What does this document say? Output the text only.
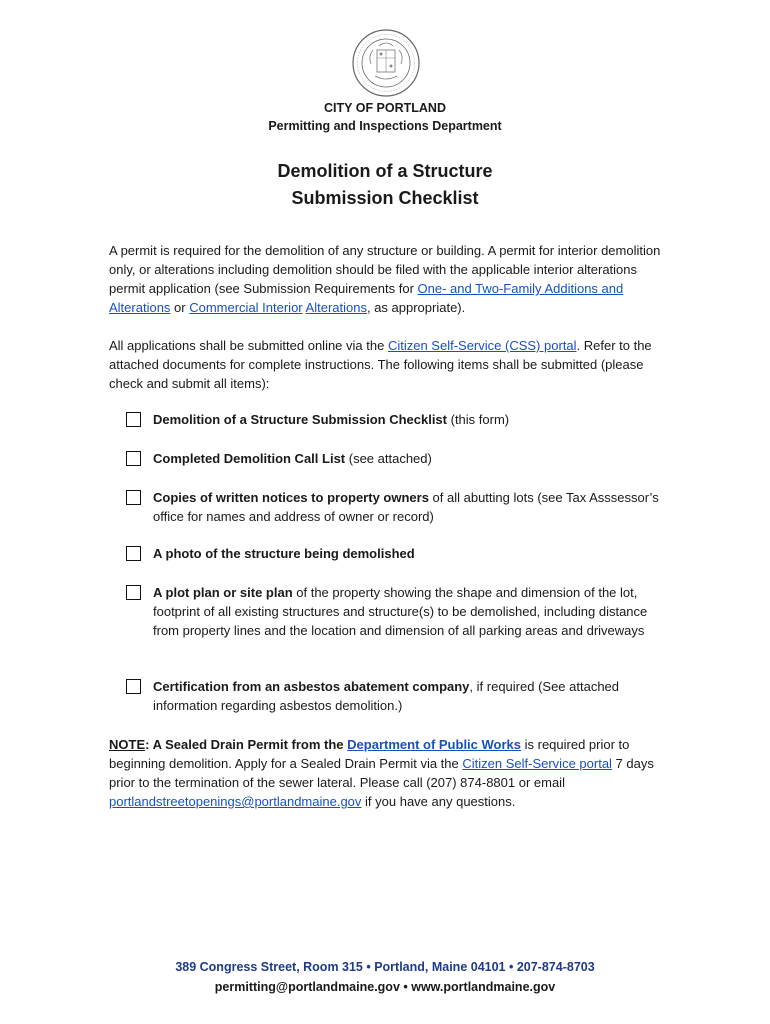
CITY OF PORTLAND
Permitting and Inspections Department
Demolition of a Structure
Submission Checklist
A permit is required for the demolition of any structure or building. A permit for interior demolition only, or alterations including demolition should be filed with the applicable interior alterations permit application (see Submission Requirements for One- and Two-Family Additions and Alterations or Commercial Interior Alterations, as appropriate).
All applications shall be submitted online via the Citizen Self-Service (CSS) portal. Refer to the attached documents for complete instructions. The following items shall be submitted (please check and submit all items):
Demolition of a Structure Submission Checklist (this form)
Completed Demolition Call List (see attached)
Copies of written notices to property owners of all abutting lots (see Tax Asssessor’s office for names and address of owner or record)
A photo of the structure being demolished
A plot plan or site plan of the property showing the shape and dimension of the lot, footprint of all existing structures and structure(s) to be demolished, including distance from property lines and the location and dimension of all parking areas and driveways
Certification from an asbestos abatement company, if required (See attached information regarding asbestos demolition.)
NOTE: A Sealed Drain Permit from the Department of Public Works is required prior to beginning demolition. Apply for a Sealed Drain Permit via the Citizen Self-Service portal 7 days prior to the termination of the sewer lateral. Please call (207) 874-8801 or email portlandstreetopenings@portlandmaine.gov if you have any questions.
389 Congress Street, Room 315 • Portland, Maine 04101 • 207-874-8703
permitting@portlandmaine.gov • www.portlandmaine.gov
